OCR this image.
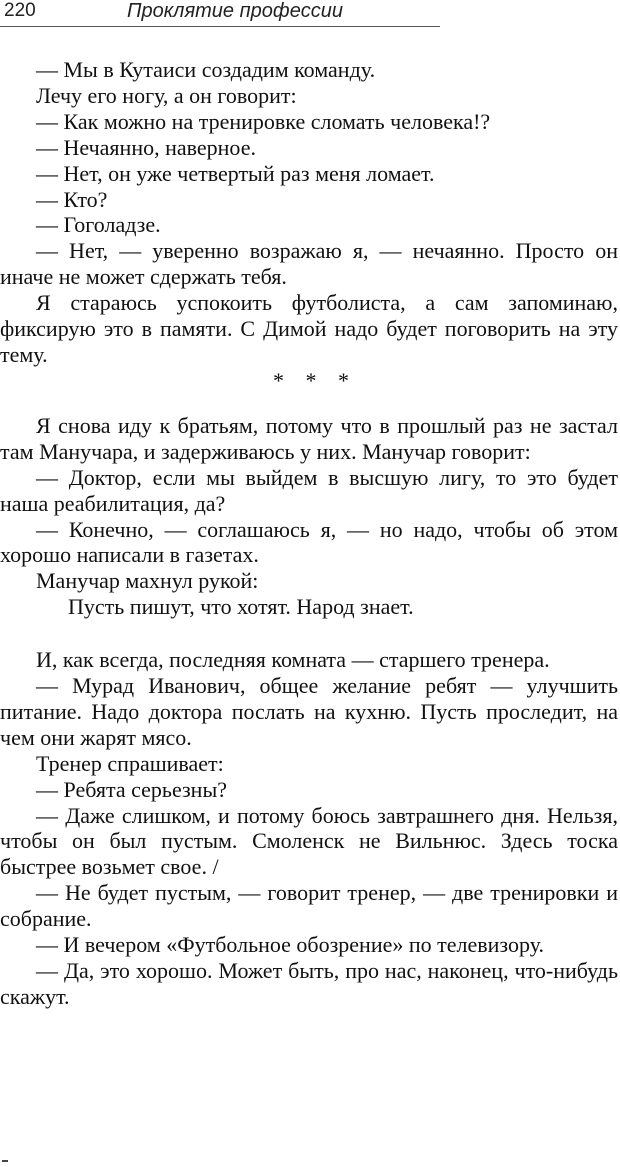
220	Проклятие профессии

— Мы в Кутаиси создадим команду.

Лечу его ногу, а он говорит:

— Как можно на тренировке сломать человека!?

— Нечаянно, наверное.

— Нет, он уже четвертый раз меня ломает.

— Кто?

— Гоголадзе.

— Нет, — уверенно возражаю я, — нечаянно. Просто он иначе не может сдержать тебя.

Я стараюсь успокоить футболиста, а сам запоминаю, фиксирую это в памяти. С Димой надо будет поговорить на эту тему.

* * *

Я снова иду к братьям, потому что в прошлый раз не застал там Манучара, и задерживаюсь у них. Манучар говорит:

— Доктор, если мы выйдем в высшую лигу, то это будет наша реабилитация, да?

— Конечно, — соглашаюсь я, — но надо, чтобы об этом хорошо написали в газетах.

Манучар махнул рукой:

Пусть пишут, что хотят. Народ знает.

И, как всегда, последняя комната — старшего тренера.

— Мурад Иванович, общее желание ребят — улучшить питание. Надо доктора послать на кухню. Пусть проследит, на чем они жарят мясо.

Тренер спрашивает:

— Ребята серьезны?

— Даже слишком, и потому боюсь завтрашнего дня. Нельзя, чтобы он был пустым. Смоленск не Вильнюс. Здесь тоска быстрее возьмет свое. /

— Не будет пустым, — говорит тренер, — две тренировки и собрание.

— И вечером «Футбольное обозрение» по телевизору.

— Да, это хорошо. Может быть, про нас, наконец, что-нибудь скажут.
